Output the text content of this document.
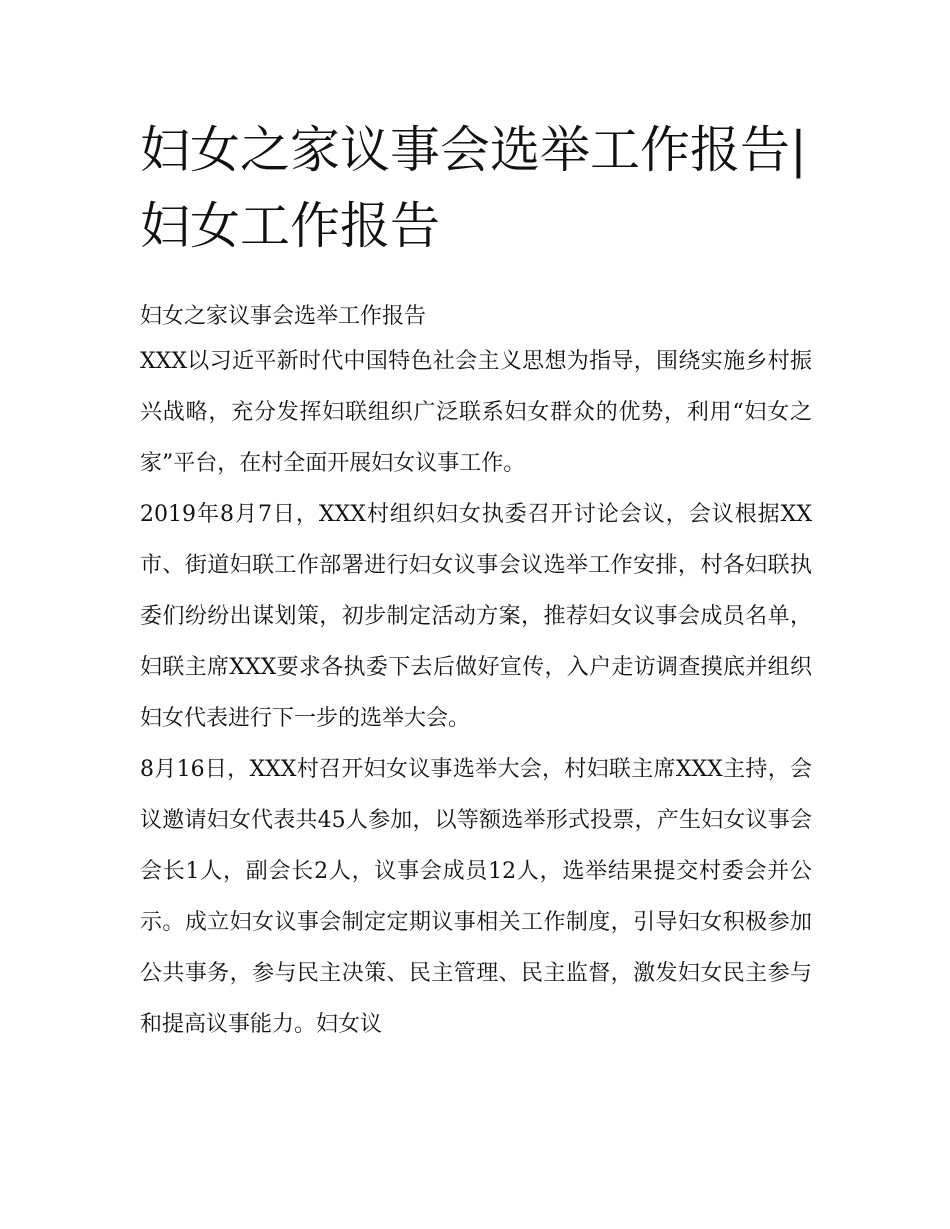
妇女之家议事会选举工作报告|妇女工作报告

妇女之家议事会选举工作报告

XXX以习近平新时代中国特色社会主义思想为指导，围绕实施乡村振兴战略，充分发挥妇联组织广泛联系妇女群众的优势，利用“妇女之家”平台，在村全面开展妇女议事工作。

2019年8月7日，XXX村组织妇女执委召开讨论会议，会议根据XX市、街道妇联工作部署进行妇女议事会议选举工作安排，村各妇联执委们纷纷出谋划策，初步制定活动方案，推荐妇女议事会成员名单，妇联主席XXX要求各执委下去后做好宣传，入户走访调查摸底并组织妇女代表进行下一步的选举大会。

8月16日，XXX村召开妇女议事选举大会，村妇联主席XXX主持，会议邀请妇女代表共45人参加，以等额选举形式投票，产生妇女议事会会长1人，副会长2人，议事会成员12人，选举结果提交村委会并公示。成立妇女议事会制定定期议事相关工作制度，引导妇女积极参加公共事务，参与民主决策、民主管理、民主监督，激发妇女民主参与和提高议事能力。妇女议
